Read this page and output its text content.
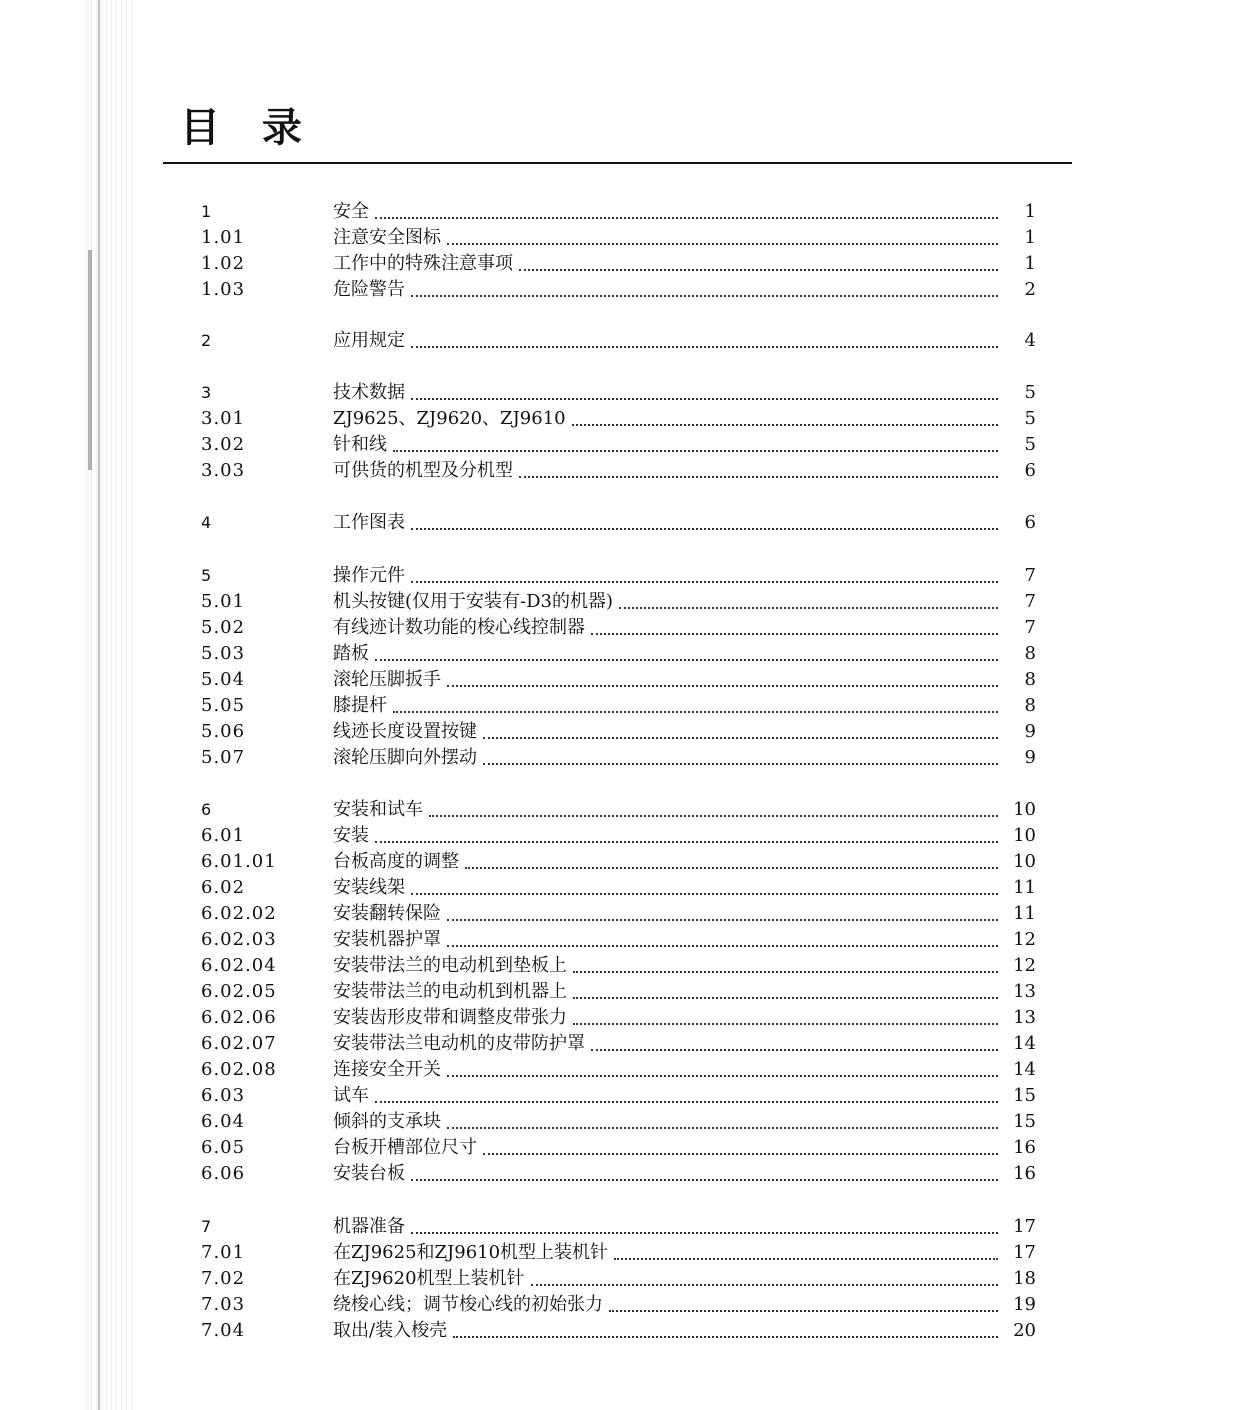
目 录
1	安全	1
1.01	注意安全图标	1
1.02	工作中的特殊注意事项	1
1.03	危险警告	2
2	应用规定	4
3	技术数据	5
3.01	ZJ9625、ZJ9620、ZJ9610	5
3.02	针和线	5
3.03	可供货的机型及分机型	6
4	工作图表	6
5	操作元件	7
5.01	机头按键(仅用于安装有-D3的机器)	7
5.02	有线迹计数功能的梭心线控制器	7
5.03	踏板	8
5.04	滚轮压脚扳手	8
5.05	膝提杆	8
5.06	线迹长度设置按键	9
5.07	滚轮压脚向外摆动	9
6	安装和试车	10
6.01	安装	10
6.01.01	台板高度的调整	10
6.02	安装线架	11
6.02.02	安装翻转保险	11
6.02.03	安装机器护罩	12
6.02.04	安装带法兰的电动机到垫板上	12
6.02.05	安装带法兰的电动机到机器上	13
6.02.06	安装齿形皮带和调整皮带张力	13
6.02.07	安装带法兰电动机的皮带防护罩	14
6.02.08	连接安全开关	14
6.03	试车	15
6.04	倾斜的支承块	15
6.05	台板开槽部位尺寸	16
6.06	安装台板	16
7	机器准备	17
7.01	在ZJ9625和ZJ9610机型上装机针	17
7.02	在ZJ9620机型上装机针	18
7.03	绕梭心线；调节梭心线的初始张力	19
7.04	取出/装入梭壳	20
